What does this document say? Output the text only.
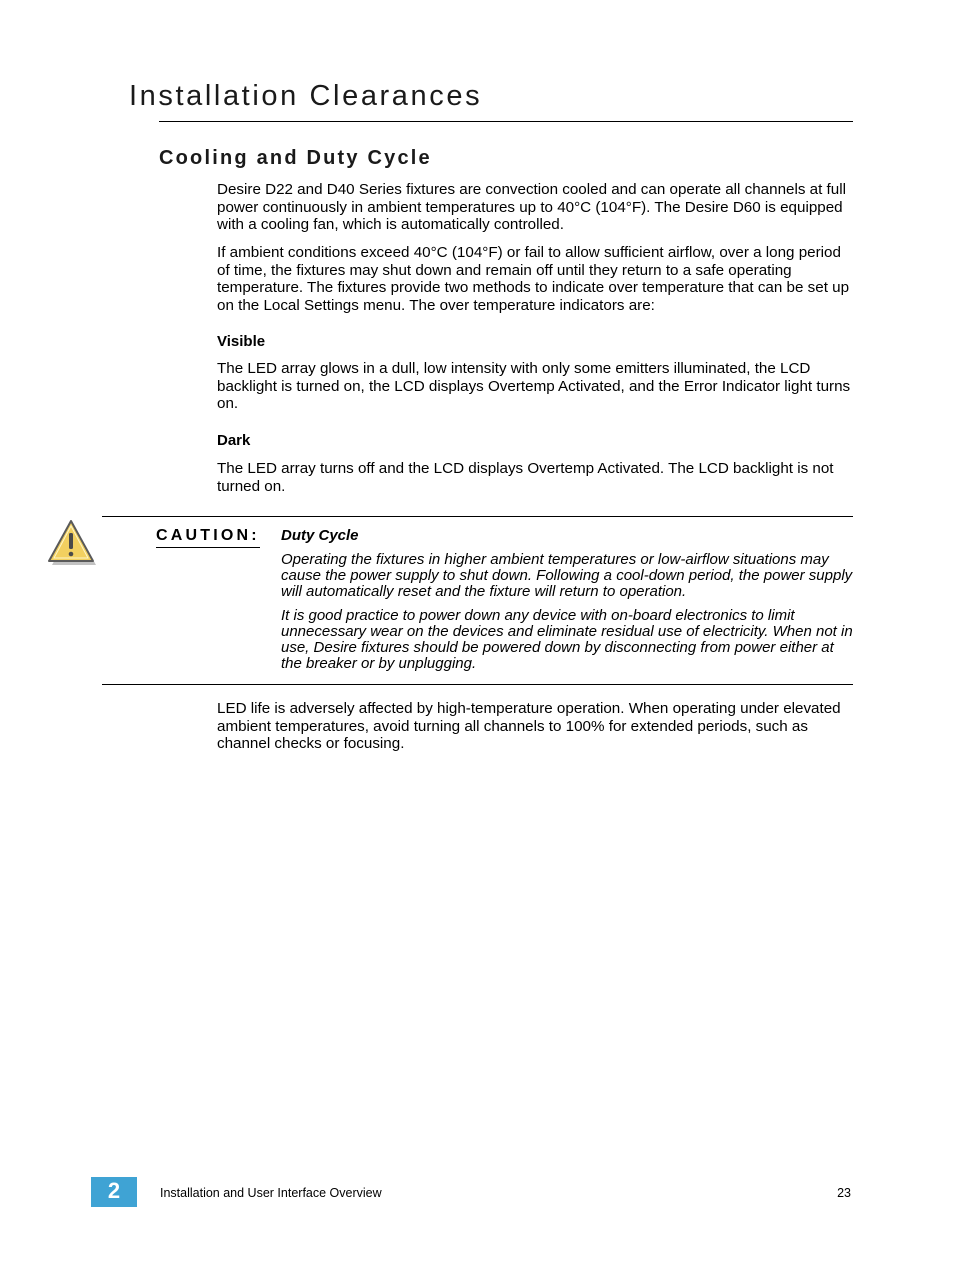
Installation Clearances
Cooling and Duty Cycle

Desire D22 and D40 Series fixtures are convection cooled and can operate all channels at full power continuously in ambient temperatures up to 40°C (104°F). The Desire D60 is equipped with a cooling fan, which is automatically controlled.

If ambient conditions exceed 40°C (104°F) or fail to allow sufficient airflow, over a long period of time, the fixtures may shut down and remain off until they return to a safe operating temperature. The fixtures provide two methods to indicate over temperature that can be set up on the Local Settings menu. The over temperature indicators are:

Visible

The LED array glows in a dull, low intensity with only some emitters illuminated, the LCD backlight is turned on, the LCD displays Overtemp Activated, and the Error Indicator light turns on.

Dark

The LED array turns off and the LCD displays Overtemp Activated. The LCD backlight is not turned on.

CAUTION: Duty Cycle

Operating the fixtures in higher ambient temperatures or low-airflow situations may cause the power supply to shut down. Following a cool-down period, the power supply will automatically reset and the fixture will return to operation.

It is good practice to power down any device with on-board electronics to limit unnecessary wear on the devices and eliminate residual use of electricity. When not in use, Desire fixtures should be powered down by disconnecting from power either at the breaker or by unplugging.

LED life is adversely affected by high-temperature operation. When operating under elevated ambient temperatures, avoid turning all channels to 100% for extended periods, such as channel checks or focusing.

2	Installation and User Interface Overview	23
